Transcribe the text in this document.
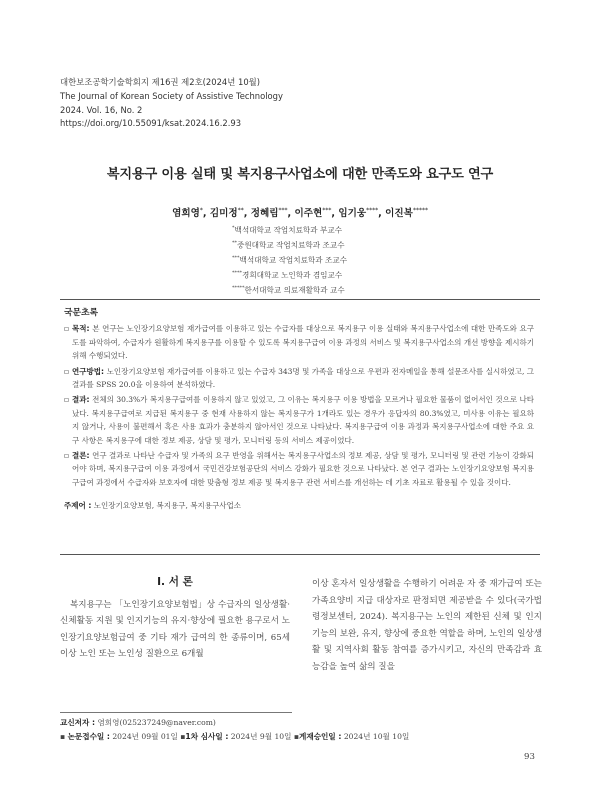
대한보조공학기술학회지 제16권 제2호(2024년 10월)
The Journal of Korean Society of Assistive Technology
2024. Vol. 16, No. 2
https://doi.org/10.55091/ksat.2024.16.2.93
복지용구 이용 실태 및 복지용구사업소에 대한 만족도와 요구도 연구
염희영*, 김미정**, 정혜림***, 이주현***, 임기웅****, 이진복*****
*백석대학교 작업치료학과 부교수
**중원대학교 작업치료학과 조교수
***백석대학교 작업치료학과 조교수
****경희대학교 노인학과 겸임교수
*****한서대학교 의료재활학과 교수
국문초록
▫ 목적: 본 연구는 노인장기요양보험 재가급여를 이용하고 있는 수급자를 대상으로 복지용구 이용 실태와 복지용구사업소에 대한 만족도와 요구도를 파악하여, 수급자가 원활하게 복지용구를 이용할 수 있도록 복지용구급여 이용 과정의 서비스 및 복지용구사업소의 개선 방향을 제시하기 위해 수행되었다.
▫ 연구방법: 노인장기요양보험 재가급여를 이용하고 있는 수급자 343명 및 가족을 대상으로 우편과 전자메일을 통해 설문조사를 실시하였고, 그 결과를 SPSS 20.0을 이용하여 분석하였다.
▫ 결과: 전체의 30.3%가 복지용구급여를 이용하지 않고 있었고, 그 이유는 복지용구 이용 방법을 모르거나 필요한 물품이 없어서인 것으로 나타났다. 복지용구급여로 지급된 복지용구 중 현재 사용하지 않는 복지용구가 1개라도 있는 경우가 응답자의 80.3%였고, 미사용 이유는 필요하지 않거나, 사용이 불편해서 혹은 사용 효과가 충분하지 않아서인 것으로 나타났다. 복지용구급여 이용 과정과 복지용구사업소에 대한 주요 요구 사항은 복지용구에 대한 정보 제공, 상담 및 평가, 모니터링 등의 서비스 제공이었다.
▫ 결론: 연구 결과로 나타난 수급자 및 가족의 요구 반영을 위해서는 복지용구사업소의 정보 제공, 상담 및 평가, 모니터링 및 관련 기능이 강화되어야 하며, 복지용구급여 이용 과정에서 국민건강보험공단의 서비스 강화가 필요한 것으로 나타났다. 본 연구 결과는 노인장기요양보험 복지용구급여 과정에서 수급자와 보호자에 대한 맞춤형 정보 제공 및 복지용구 관련 서비스를 개선하는 데 기초 자료로 활용될 수 있을 것이다.
주제어 : 노인장기요양보험, 복지용구, 복지용구사업소
Ⅰ. 서 론

복지용구는 「노인장기요양보험법」상 수급자의 일상생활·신체활동 지원 및 인지기능의 유지·향상에 필요한 용구로서 노인장기요양보험급여 중 기타 재가 급여의 한 종류이며, 65세 이상 노인 또는 노인성 질환으로 6개월

이상 혼자서 일상생활을 수행하기 어려운 자 중 재가급여 또는 가족요양비 지급 대상자로 판정되면 제공받을 수 있다(국가법령정보센터, 2024). 복지용구는 노인의 제한된 신체 및 인지 기능의 보완, 유지, 향상에 중요한 역할을 하며, 노인의 일상생활 및 지역사회 활동 참여를 증가시키고, 자신의 만족감과 효능감을 높여 삶의 질을

교신저자 : 염희영(025237249@naver.com)
▪ 논문접수일 : 2024년 09월 01일 ▪1차 심사일 : 2024년 9월 10일 ▪게재승인일 : 2024년 10월 10일
93
